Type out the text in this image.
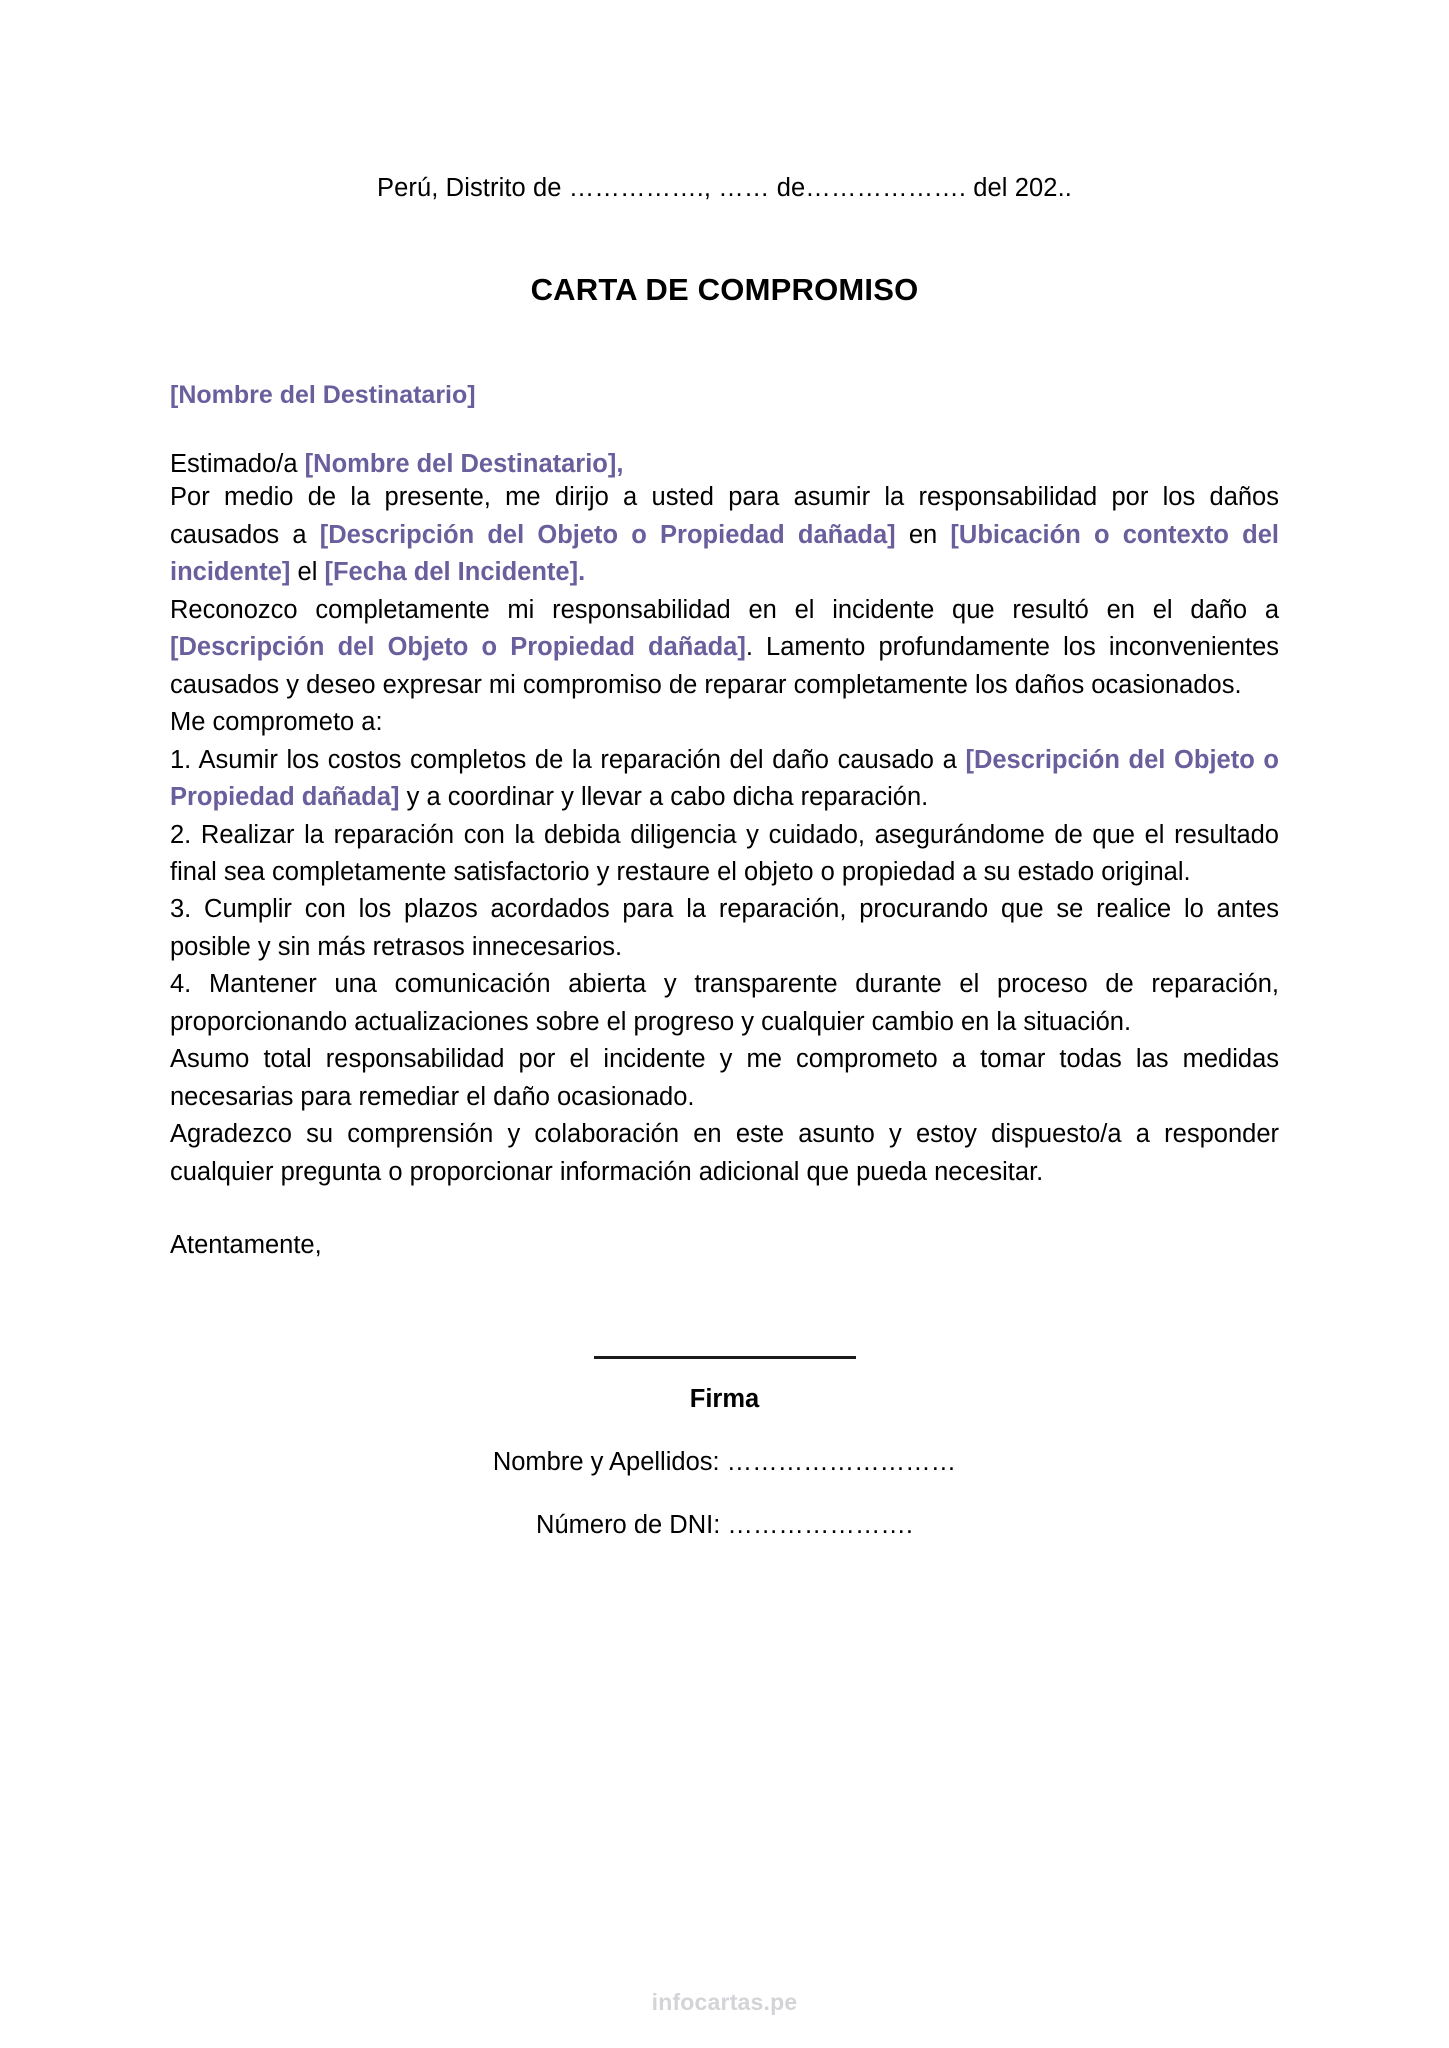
Perú, Distrito de ……………., …… de………………. del 202..
CARTA DE COMPROMISO
[Nombre del Destinatario]
Estimado/a [Nombre del Destinatario],

Por medio de la presente, me dirijo a usted para asumir la responsabilidad por los daños causados a [Descripción del Objeto o Propiedad dañada] en [Ubicación o contexto del incidente] el [Fecha del Incidente].

Reconozco completamente mi responsabilidad en el incidente que resultó en el daño a [Descripción del Objeto o Propiedad dañada]. Lamento profundamente los inconvenientes causados y deseo expresar mi compromiso de reparar completamente los daños ocasionados.

Me comprometo a:

1. Asumir los costos completos de la reparación del daño causado a [Descripción del Objeto o Propiedad dañada] y a coordinar y llevar a cabo dicha reparación.

2. Realizar la reparación con la debida diligencia y cuidado, asegurándome de que el resultado final sea completamente satisfactorio y restaure el objeto o propiedad a su estado original.

3. Cumplir con los plazos acordados para la reparación, procurando que se realice lo antes posible y sin más retrasos innecesarios.

4. Mantener una comunicación abierta y transparente durante el proceso de reparación, proporcionando actualizaciones sobre el progreso y cualquier cambio en la situación.

Asumo total responsabilidad por el incidente y me comprometo a tomar todas las medidas necesarias para remediar el daño ocasionado.

Agradezco su comprensión y colaboración en este asunto y estoy dispuesto/a a responder cualquier pregunta o proporcionar información adicional que pueda necesitar.

Atentamente,
Firma
Nombre y Apellidos: ………………………
Número de DNI: ………………….
infocartas.pe
